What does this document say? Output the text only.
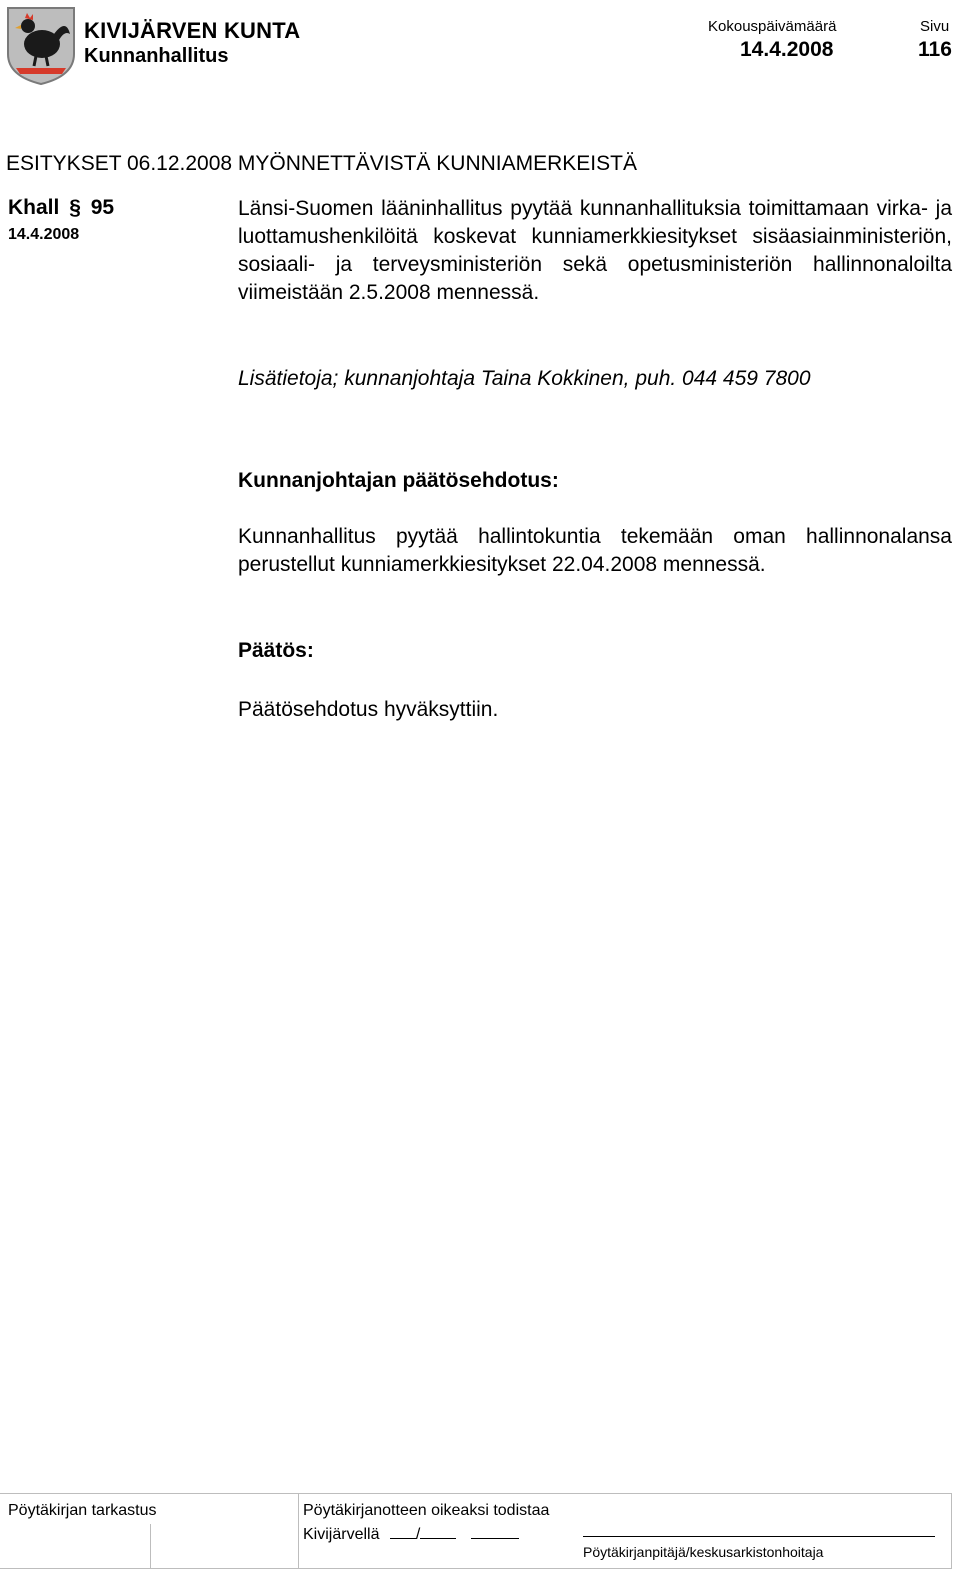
KIVIJÄRVEN KUNTA
Kunnanhallitus
Kokouspäivämäärä
14.4.2008
Sivu
116
ESITYKSET 06.12.2008 MYÖNNETTÄVISTÄ KUNNIAMERKEISTÄ
Khall § 95
14.4.2008
Länsi-Suomen lääninhallitus pyytää kunnanhallituksia toimittamaan virka- ja luottamushenkilöitä koskevat kunniamerkkiesitykset sisäasiainministeriön, sosiaali- ja terveysministeriön sekä opetusministeriön hallinnonaloilta viimeistään 2.5.2008 mennessä.
Lisätietoja; kunnanjohtaja Taina Kokkinen, puh. 044 459 7800
Kunnanjohtajan päätösehdotus:
Kunnanhallitus pyytää hallintokuntia tekemään oman hallinnonalansa perustellut kunniamerkkiesitykset 22.04.2008 mennessä.
Päätös:
Päätösehdotus hyväksyttiin.
Pöytäkirjan tarkastus	Pöytäkirjanotteen oikeaksi todistaa
Kivijärvellä /
Pöytäkirjanpitäjä/keskusarkistonhoitaja
